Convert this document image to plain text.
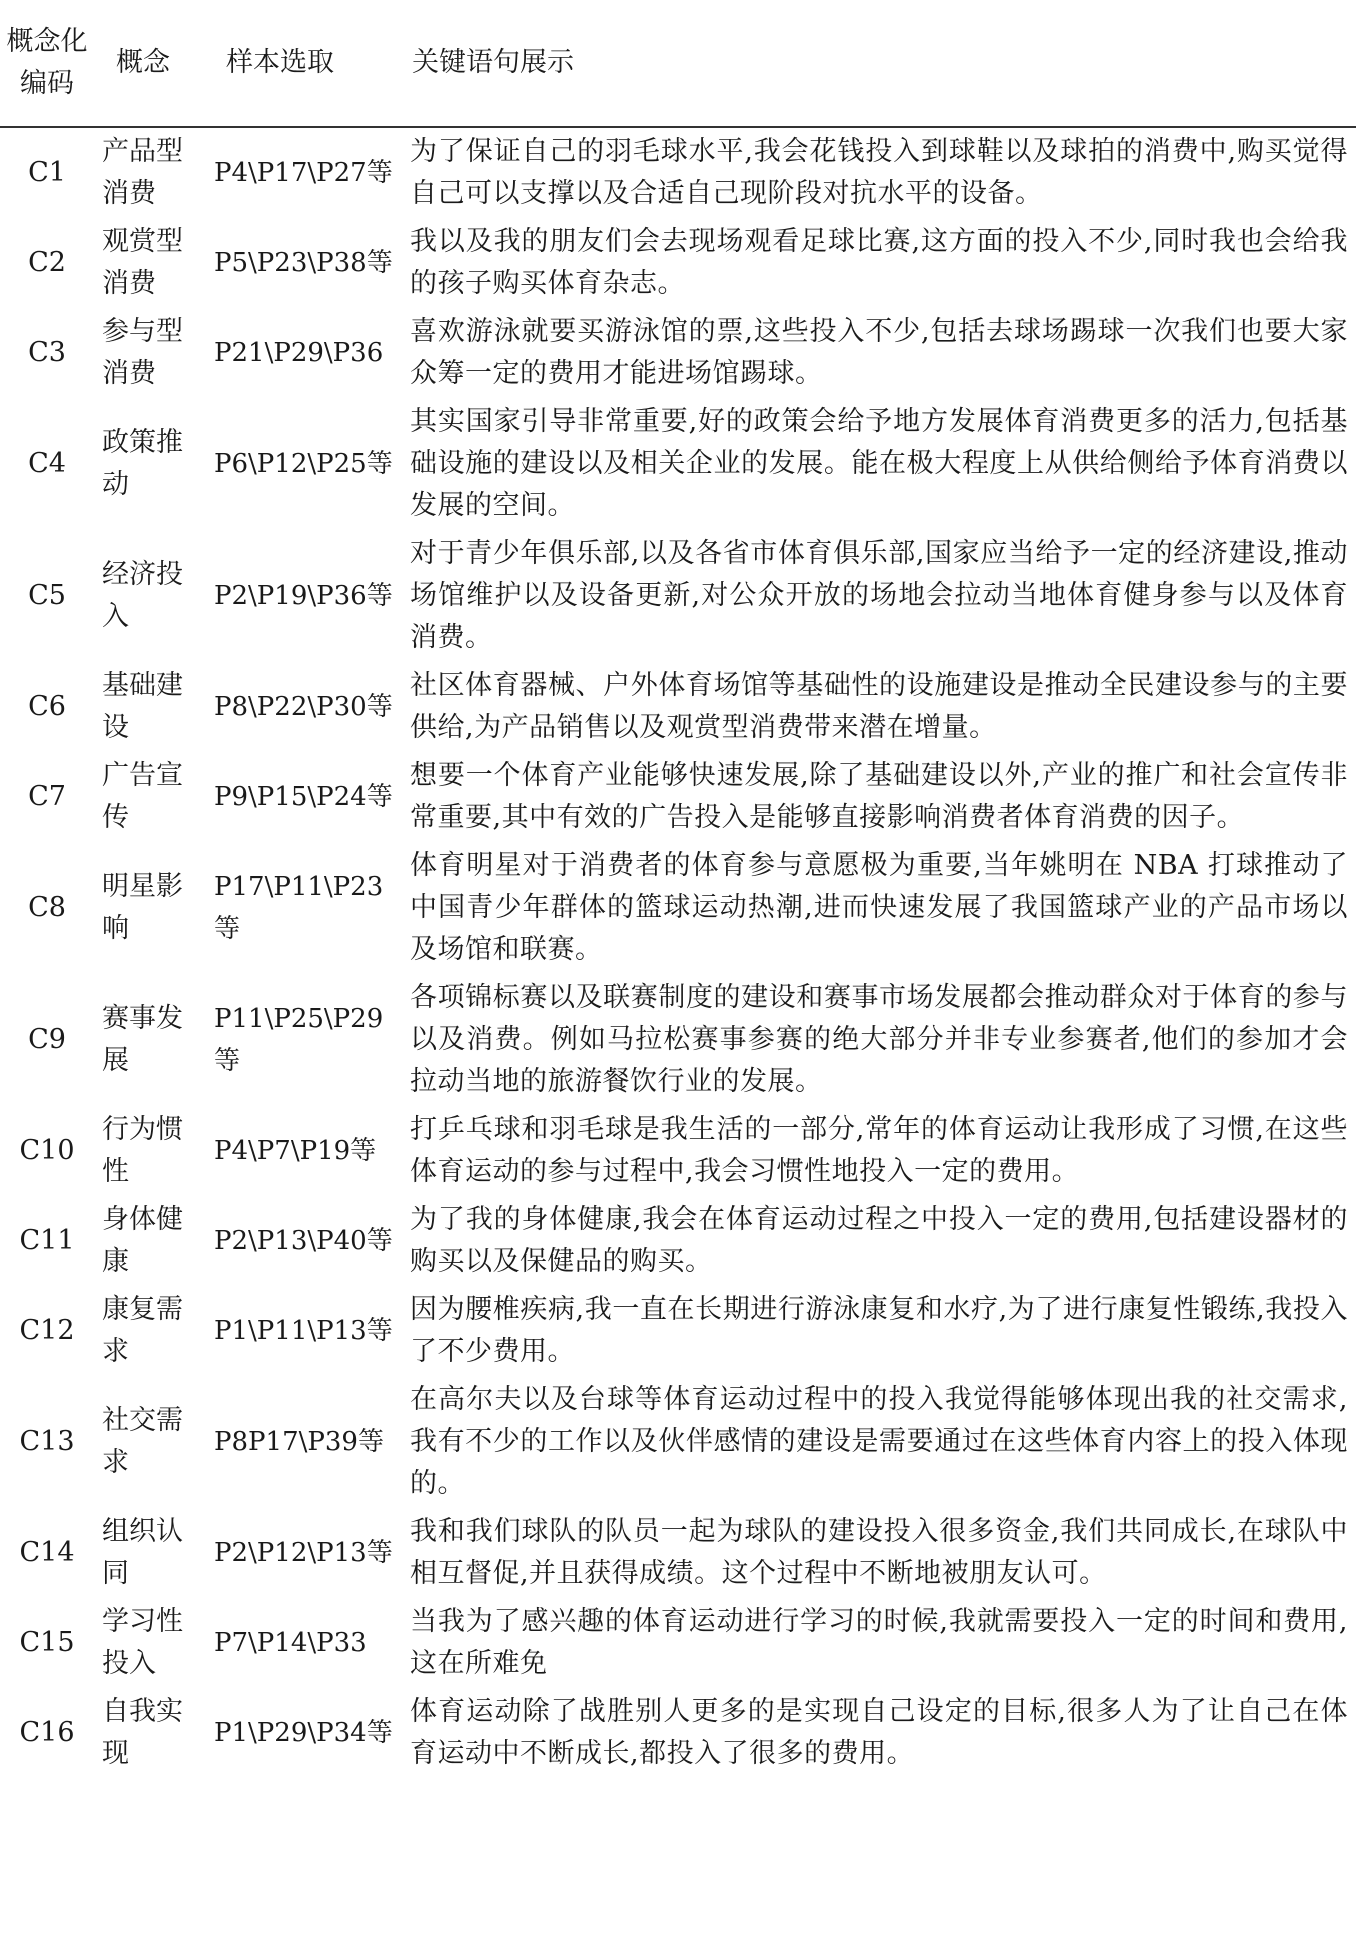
概念化编码	概念	样本选取	关键语句展示
C1	产品型消费	P4\P17\P27等	为了保证自己的羽毛球水平,我会花钱投入到球鞋以及球拍的消费中,购买觉得自己可以支撑以及合适自己现阶段对抗水平的设备。
C2	观赏型消费	P5\P23\P38等	我以及我的朋友们会去现场观看足球比赛,这方面的投入不少,同时我也会给我的孩子购买体育杂志。
C3	参与型消费	P21\P29\P36	喜欢游泳就要买游泳馆的票,这些投入不少,包括去球场踢球一次我们也要大家众筹一定的费用才能进场馆踢球。
C4	政策推动	P6\P12\P25等	其实国家引导非常重要,好的政策会给予地方发展体育消费更多的活力,包括基础设施的建设以及相关企业的发展。能在极大程度上从供给侧给予体育消费以发展的空间。
C5	经济投入	P2\P19\P36等	对于青少年俱乐部,以及各省市体育俱乐部,国家应当给予一定的经济建设,推动场馆维护以及设备更新,对公众开放的场地会拉动当地体育健身参与以及体育消费。
C6	基础建设	P8\P22\P30等	社区体育器械、户外体育场馆等基础性的设施建设是推动全民建设参与的主要供给,为产品销售以及观赏型消费带来潜在增量。
C7	广告宣传	P9\P15\P24等	想要一个体育产业能够快速发展,除了基础建设以外,产业的推广和社会宣传非常重要,其中有效的广告投入是能够直接影响消费者体育消费的因子。
C8	明星影响	P17\P11\P23等	体育明星对于消费者的体育参与意愿极为重要,当年姚明在 NBA 打球推动了中国青少年群体的篮球运动热潮,进而快速发展了我国篮球产业的产品市场以及场馆和联赛。
C9	赛事发展	P11\P25\P29等	各项锦标赛以及联赛制度的建设和赛事市场发展都会推动群众对于体育的参与以及消费。例如马拉松赛事参赛的绝大部分并非专业参赛者,他们的参加才会拉动当地的旅游餐饮行业的发展。
C10	行为惯性	P4\P7\P19等	打乒乓球和羽毛球是我生活的一部分,常年的体育运动让我形成了习惯,在这些体育运动的参与过程中,我会习惯性地投入一定的费用。
C11	身体健康	P2\P13\P40等	为了我的身体健康,我会在体育运动过程之中投入一定的费用,包括建设器材的购买以及保健品的购买。
C12	康复需求	P1\P11\P13等	因为腰椎疾病,我一直在长期进行游泳康复和水疗,为了进行康复性锻练,我投入了不少费用。
C13	社交需求	P8P17\P39等	在高尔夫以及台球等体育运动过程中的投入我觉得能够体现出我的社交需求,我有不少的工作以及伙伴感情的建设是需要通过在这些体育内容上的投入体现的。
C14	组织认同	P2\P12\P13等	我和我们球队的队员一起为球队的建设投入很多资金,我们共同成长,在球队中相互督促,并且获得成绩。这个过程中不断地被朋友认可。
C15	学习性投入	P7\P14\P33	当我为了感兴趣的体育运动进行学习的时候,我就需要投入一定的时间和费用,这在所难免
C16	自我实现	P1\P29\P34等	体育运动除了战胜别人更多的是实现自己设定的目标,很多人为了让自己在体育运动中不断成长,都投入了很多的费用。
